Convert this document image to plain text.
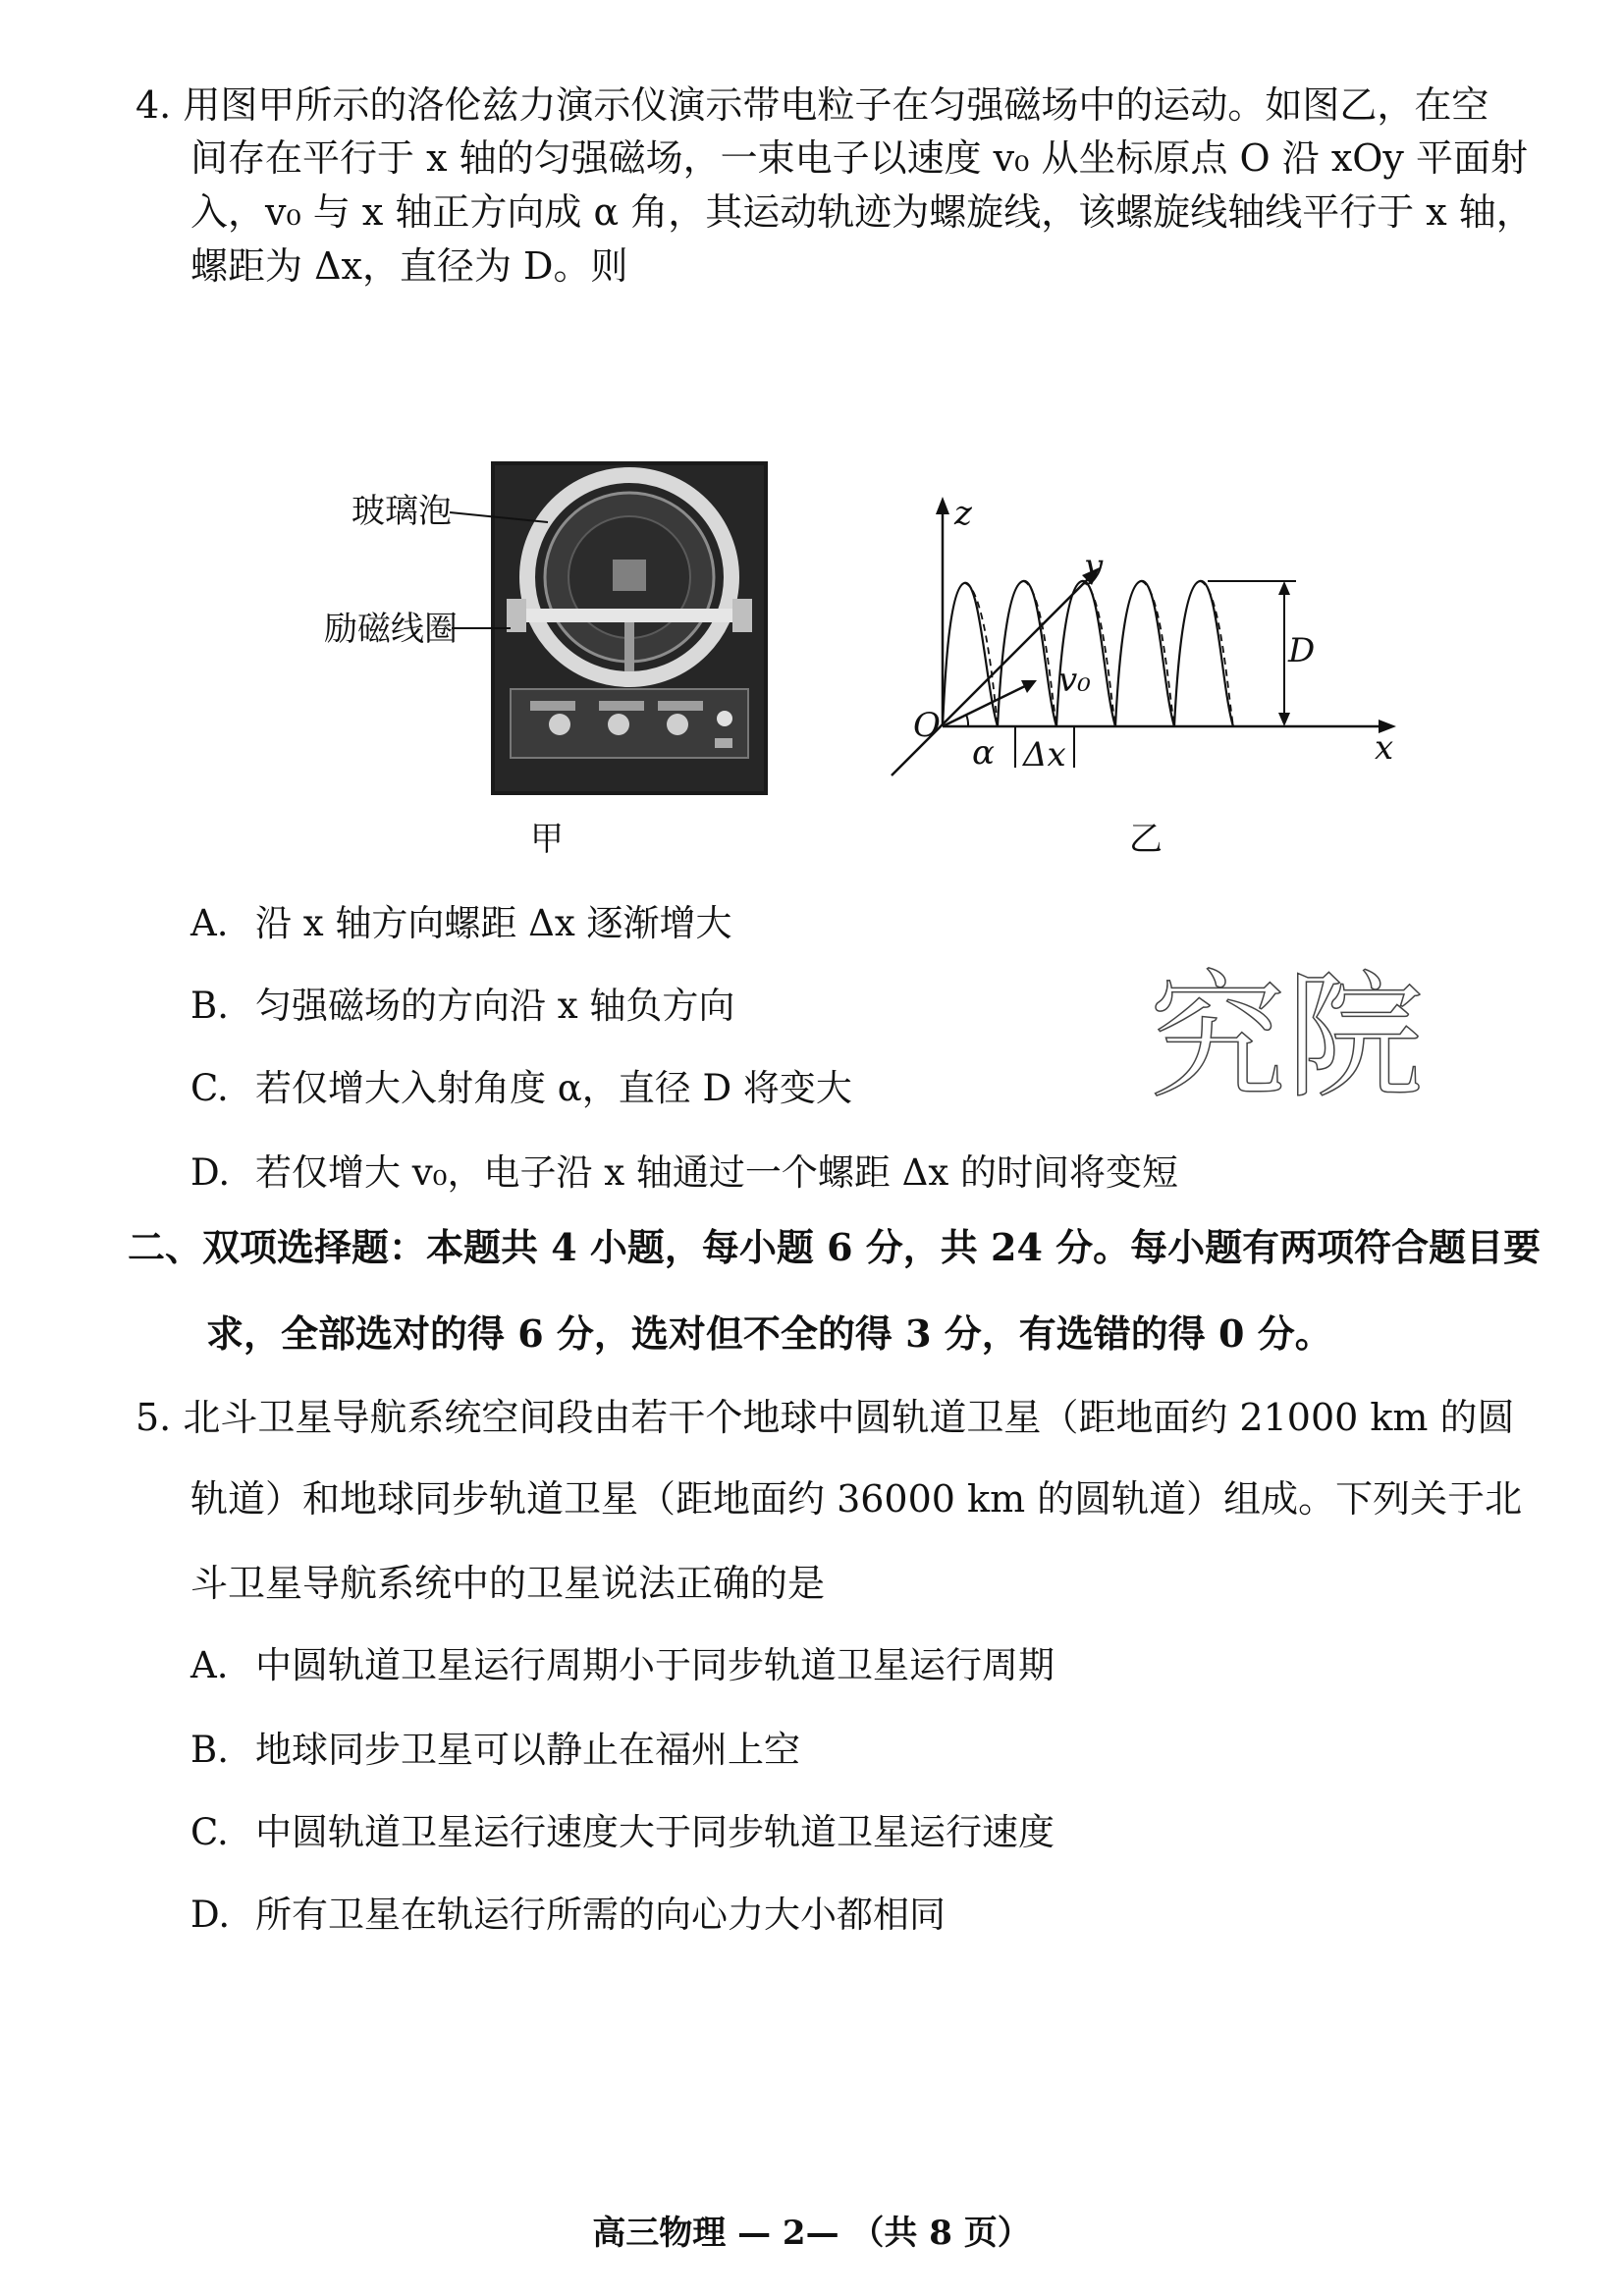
4. 用图甲所示的洛伦兹力演示仪演示带电粒子在匀强磁场中的运动。如图乙，在空
间存在平行于 x 轴的匀强磁场，一束电子以速度 v₀ 从坐标原点 O 沿 xOy 平面射
入，v₀ 与 x 轴正方向成 α 角，其运动轨迹为螺旋线，该螺旋线轴线平行于 x 轴，
螺距为 Δx，直径为 D。则
玻璃泡
励磁线圈
甲
z
y
x
O
α Δx
v₀
D
乙
A. 沿 x 轴方向螺距 Δx 逐渐增大
B. 匀强磁场的方向沿 x 轴负方向
C. 若仅增大入射角度 α，直径 D 将变大
D. 若仅增大 v₀，电子沿 x 轴通过一个螺距 Δx 的时间将变短
究院
二、双项选择题：本题共 4 小题，每小题 6 分，共 24 分。每小题有两项符合题目要
求，全部选对的得 6 分，选对但不全的得 3 分，有选错的得 0 分。
5. 北斗卫星导航系统空间段由若干个地球中圆轨道卫星（距地面约 21000 km 的圆
轨道）和地球同步轨道卫星（距地面约 36000 km 的圆轨道）组成。下列关于北
斗卫星导航系统中的卫星说法正确的是
A. 中圆轨道卫星运行周期小于同步轨道卫星运行周期
B. 地球同步卫星可以静止在福州上空
C. 中圆轨道卫星运行速度大于同步轨道卫星运行速度
D. 所有卫星在轨运行所需的向心力大小都相同
高三物理 — 2— （共 8 页）
